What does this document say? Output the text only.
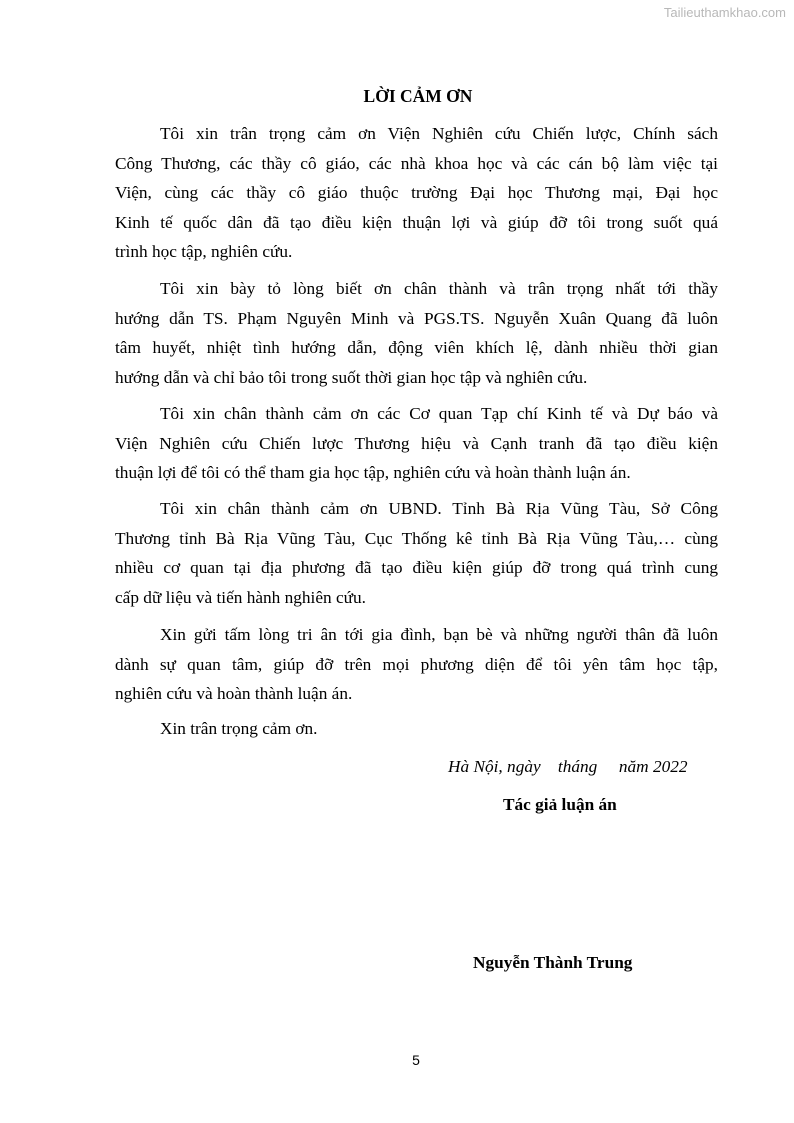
Tailieuthamkhao.com
LỜI CẢM ƠN
Tôi xin trân trọng cảm ơn Viện Nghiên cứu Chiến lược, Chính sách
Công Thương, các thầy cô giáo, các nhà khoa học và các cán bộ làm việc tại
Viện, cùng các thầy cô giáo thuộc trường Đại học Thương mại, Đại học
Kinh tế quốc dân đã tạo điều kiện thuận lợi và giúp đỡ tôi trong suốt quá
trình học tập, nghiên cứu.
Tôi xin bày tỏ lòng biết ơn chân thành và trân trọng nhất tới thầy
hướng dẫn TS. Phạm Nguyên Minh và PGS.TS. Nguyễn Xuân Quang đã luôn
tâm huyết, nhiệt tình hướng dẫn, động viên khích lệ, dành nhiều thời gian
hướng dẫn và chỉ bảo tôi trong suốt thời gian học tập và nghiên cứu.
Tôi xin chân thành cảm ơn các Cơ quan Tạp chí Kinh tế và Dự báo và
Viện Nghiên cứu Chiến lược Thương hiệu và Cạnh tranh đã tạo điều kiện
thuận lợi để tôi có thể tham gia học tập, nghiên cứu và hoàn thành luận án.
Tôi xin chân thành cảm ơn UBND. Tỉnh Bà Rịa Vũng Tàu, Sở Công
Thương tỉnh Bà Rịa Vũng Tàu, Cục Thống kê tỉnh Bà Rịa Vũng Tàu,… cùng
nhiều cơ quan tại địa phương đã tạo điều kiện giúp đỡ trong quá trình cung
cấp dữ liệu và tiến hành nghiên cứu.
Xin gửi tấm lòng tri ân tới gia đình, bạn bè và những người thân đã luôn
dành sự quan tâm, giúp đỡ trên mọi phương diện để tôi yên tâm học tập,
nghiên cứu và hoàn thành luận án.
Xin trân trọng cảm ơn.
Hà Nội, ngày    tháng     năm 2022
Tác giả luận án
Nguyễn Thành Trung
5
